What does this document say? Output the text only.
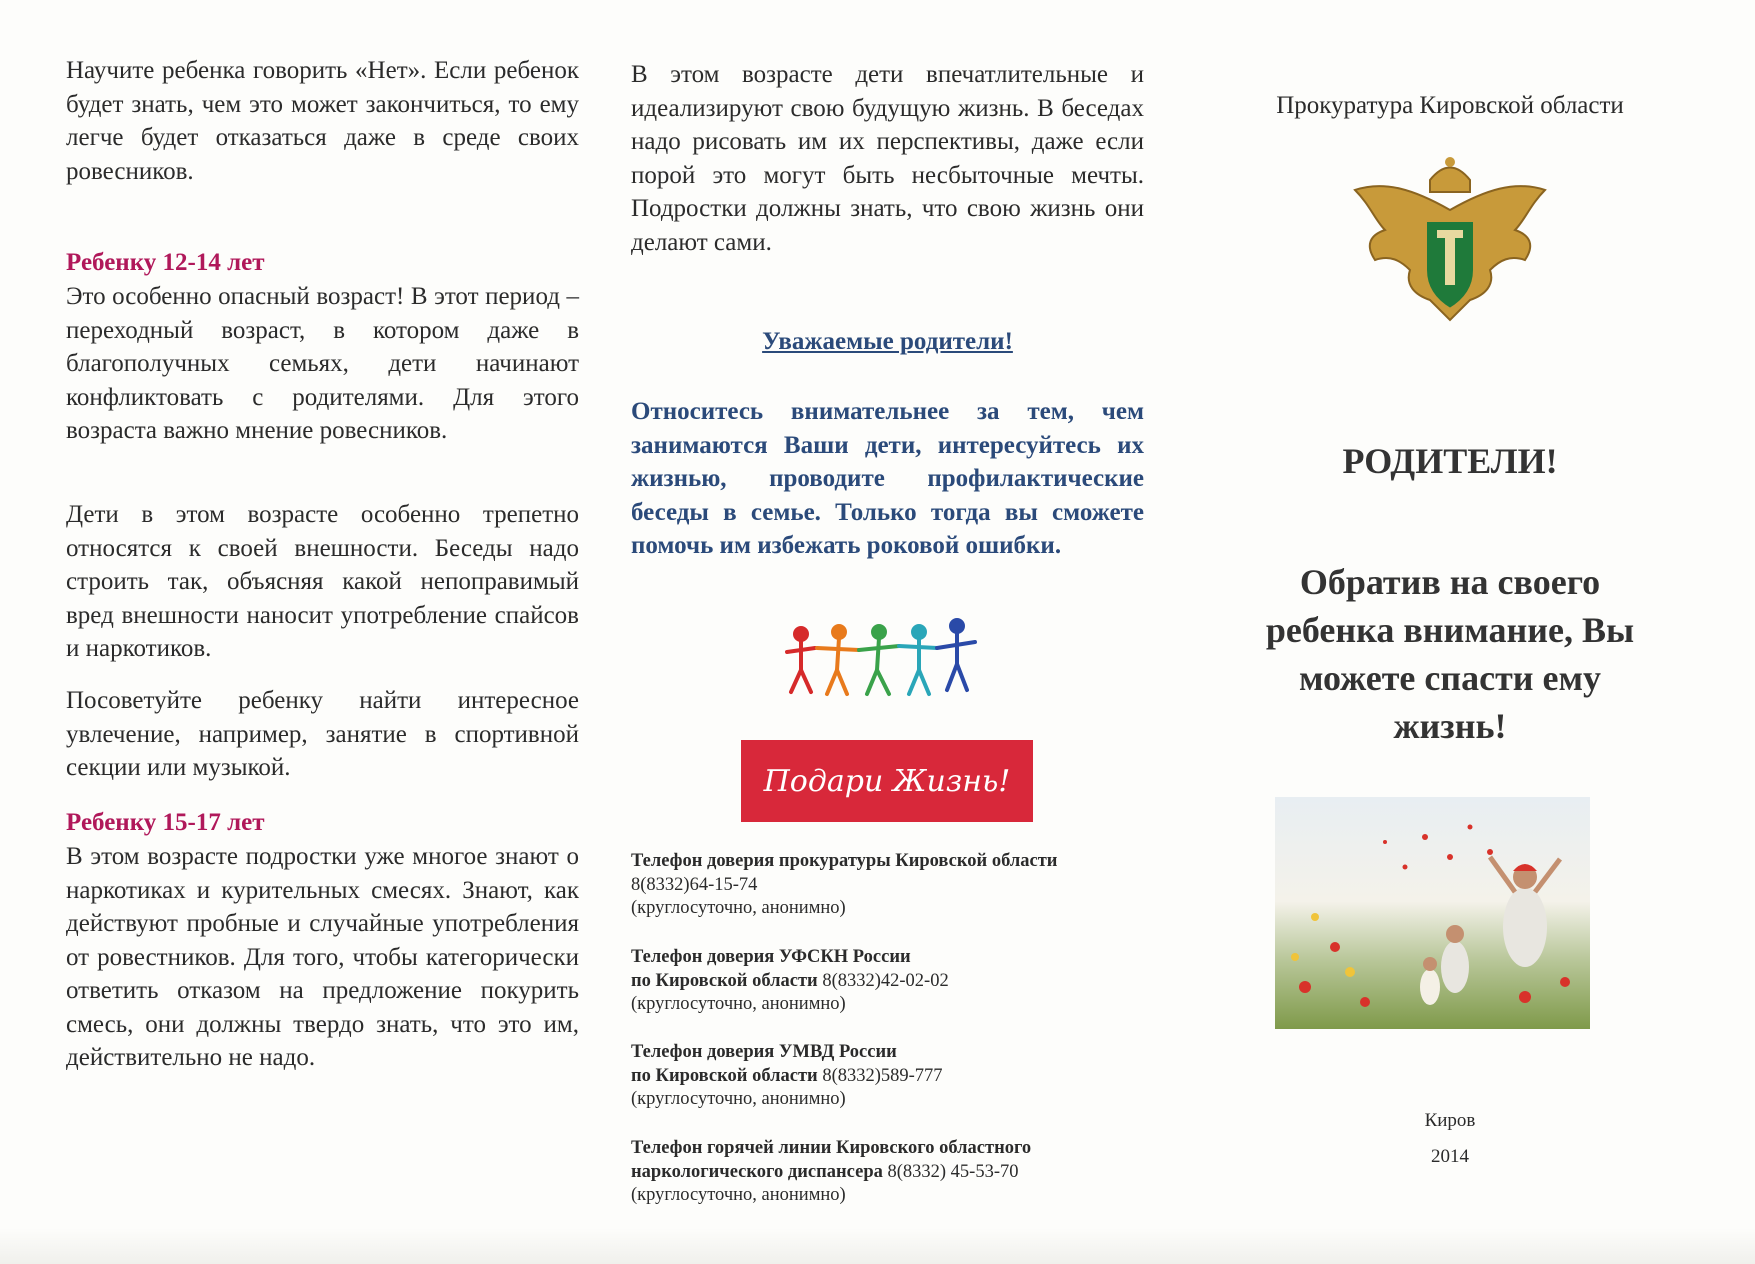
Научите ребенка говорить «Нет». Если ребенок будет знать, чем это может закончиться, то ему легче будет отказаться даже в среде своих ровесников.

Ребенку 12-14 лет

Это особенно опасный возраст! В этот период – переходный возраст, в котором даже в благополучных семьях, дети начинают конфликтовать с родителями. Для этого возраста важно мнение ровесников.

Дети в этом возрасте особенно трепетно относятся к своей внешности. Беседы надо строить так, объясняя какой непоправимый вред внешности наносит употребление спайсов и наркотиков.

Посоветуйте ребенку найти интересное увлечение, например, занятие в спортивной секции или музыкой.

Ребенку 15-17 лет

В этом возрасте подростки уже многое знают о наркотиках и курительных смесях. Знают, как действуют пробные и случайные употребления от ровестников. Для того, чтобы категорически ответить отказом на предложение покурить смесь, они должны твердо знать, что это им, действительно не надо.

В этом возрасте дети впечатлительные и идеализируют свою будущую жизнь. В беседах надо рисовать им их перспективы, даже если порой это могут быть несбыточные мечты. Подростки должны знать, что свою жизнь они делают сами.

Уважаемые родители!

Относитесь внимательнее за тем, чем занимаются Ваши дети, интересуйтесь их жизнью, проводите профилактические беседы в семье. Только тогда вы сможете помочь им избежать роковой ошибки.

Подари Жизнь!

Телефон доверия прокуратуры Кировской области

8(8332)64-15-74

(круглосуточно, анонимно)

Телефон доверия УФСКН России

по Кировской области 8(8332)42-02-02

(круглосуточно, анонимно)

Телефон доверия УМВД России

по Кировской области 8(8332)589-777

(круглосуточно, анонимно)

Телефон горячей линии Кировского областного

наркологического диспансера 8(8332) 45-53-70

(круглосуточно, анонимно)

Прокуратура Кировской области

РОДИТЕЛИ!

Обратив на своего

ребенка внимание, Вы

можете спасти ему

жизнь!

Киров

2014
